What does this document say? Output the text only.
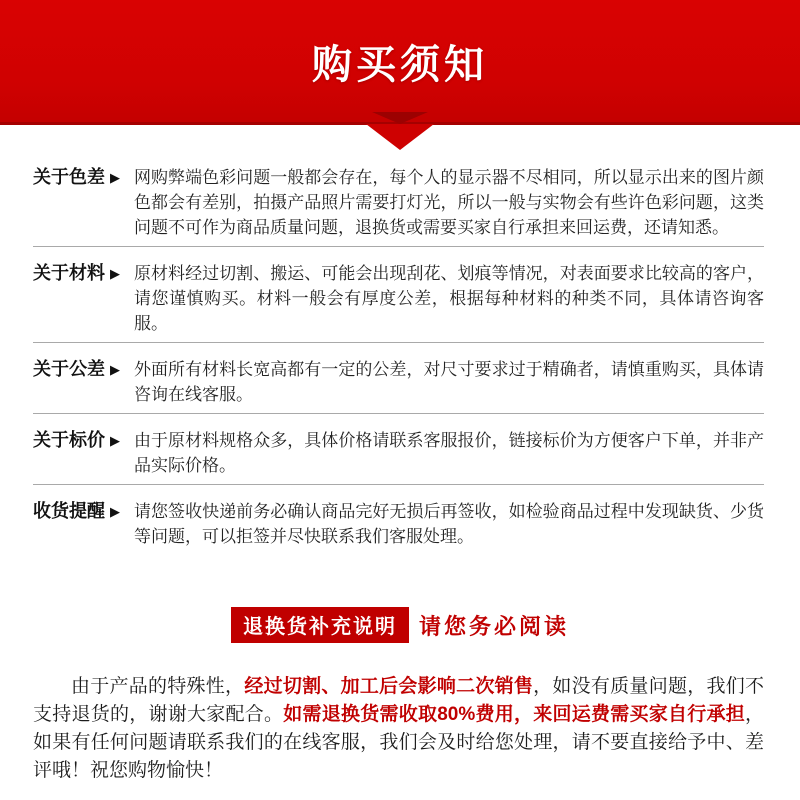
购买须知
关于色差 ▶ 网购弊端色彩问题一般都会存在，每个人的显示器不尽相同，所以显示出来的图片颜色都会有差别，拍摄产品照片需要打灯光，所以一般与实物会有些许色彩问题，这类问题不可作为商品质量问题，退换货或需要买家自行承担来回运费，还请知悉。
关于材料 ▶ 原材料经过切割、搬运、可能会出现刮花、划痕等情况，对表面要求比较高的客户，请您谨慎购买。材料一般会有厚度公差，根据每种材料的种类不同，具体请咨询客服。
关于公差 ▶ 外面所有材料长宽高都有一定的公差，对尺寸要求过于精确者，请慎重购买，具体请咨询在线客服。
关于标价 ▶ 由于原材料规格众多，具体价格请联系客服报价，链接标价为方便客户下单，并非产品实际价格。
收货提醒 ▶ 请您签收快递前务必确认商品完好无损后再签收，如检验商品过程中发现缺货、少货等问题，可以拒签并尽快联系我们客服处理。
退换货补充说明	请您务必阅读

由于产品的特殊性，经过切割、加工后会影响二次销售，如没有质量问题，我们不支持退货的，谢谢大家配合。如需退换货需收取80%费用，来回运费需买家自行承担，如果有任何问题请联系我们的在线客服，我们会及时给您处理，请不要直接给予中、差评哦！祝您购物愉快！
